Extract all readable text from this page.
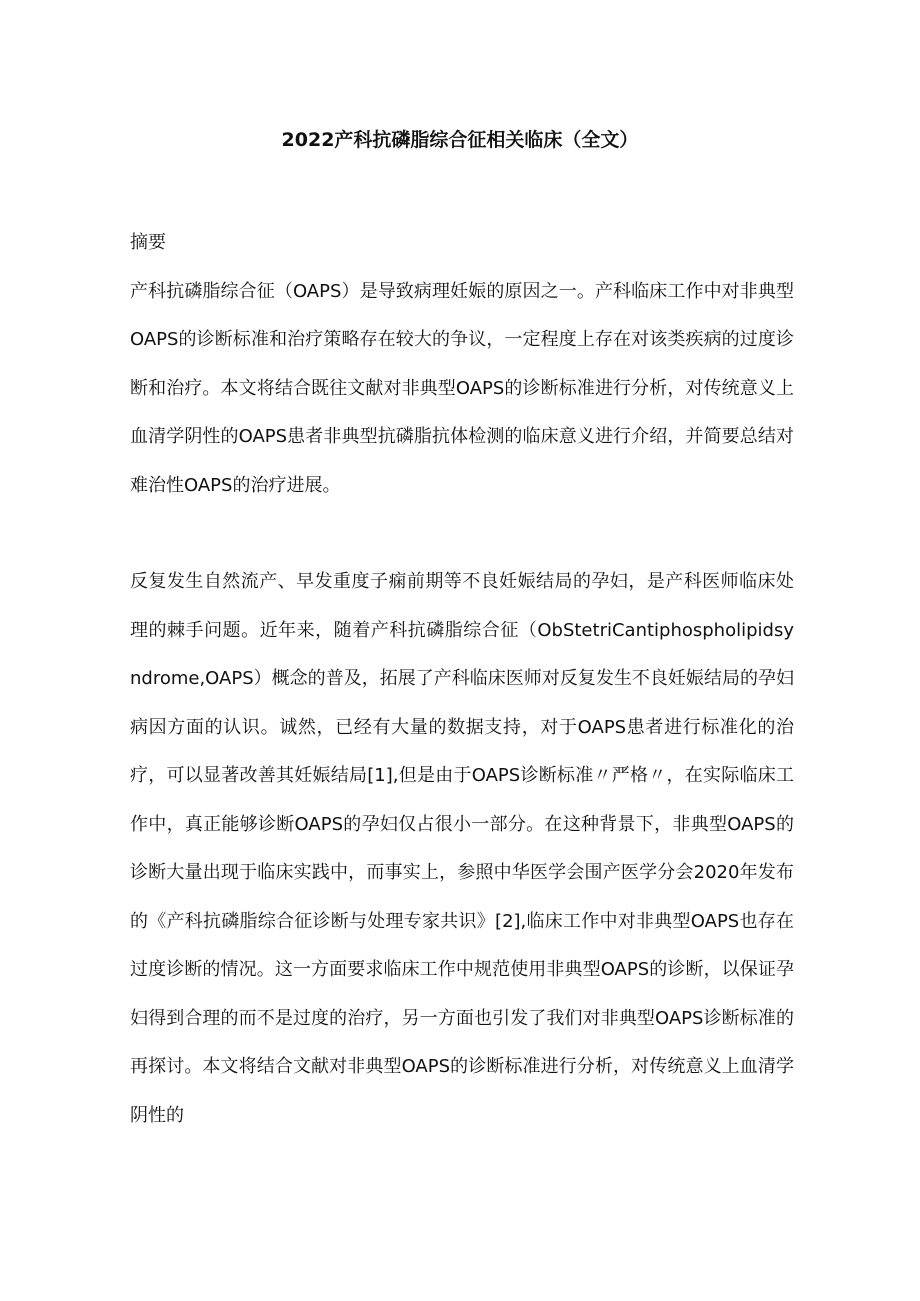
2022产科抗磷脂综合征相关临床（全文）

摘要

产科抗磷脂综合征（OAPS）是导致病理妊娠的原因之一。产科临床工作中对非典型OAPS的诊断标准和治疗策略存在较大的争议，一定程度上存在对该类疾病的过度诊断和治疗。本文将结合既往文献对非典型OAPS的诊断标准进行分析，对传统意义上血清学阴性的OAPS患者非典型抗磷脂抗体检测的临床意义进行介绍，并简要总结对难治性OAPS的治疗进展。

反复发生自然流产、早发重度子痫前期等不良妊娠结局的孕妇，是产科医师临床处理的棘手问题。近年来，随着产科抗磷脂综合征（ObStetriCantiphospholipidsyndrome,OAPS）概念的普及，拓展了产科临床医师对反复发生不良妊娠结局的孕妇病因方面的认识。诚然，已经有大量的数据支持，对于OAPS患者进行标准化的治疗，可以显著改善其妊娠结局[1],但是由于OAPS诊断标准〃严格〃，在实际临床工作中，真正能够诊断OAPS的孕妇仅占很小一部分。在这种背景下，非典型OAPS的诊断大量出现于临床实践中，而事实上，参照中华医学会围产医学分会2020年发布的《产科抗磷脂综合征诊断与处理专家共识》[2],临床工作中对非典型OAPS也存在过度诊断的情况。这一方面要求临床工作中规范使用非典型OAPS的诊断，以保证孕妇得到合理的而不是过度的治疗，另一方面也引发了我们对非典型OAPS诊断标准的再探讨。本文将结合文献对非典型OAPS的诊断标准进行分析，对传统意义上血清学阴性的
